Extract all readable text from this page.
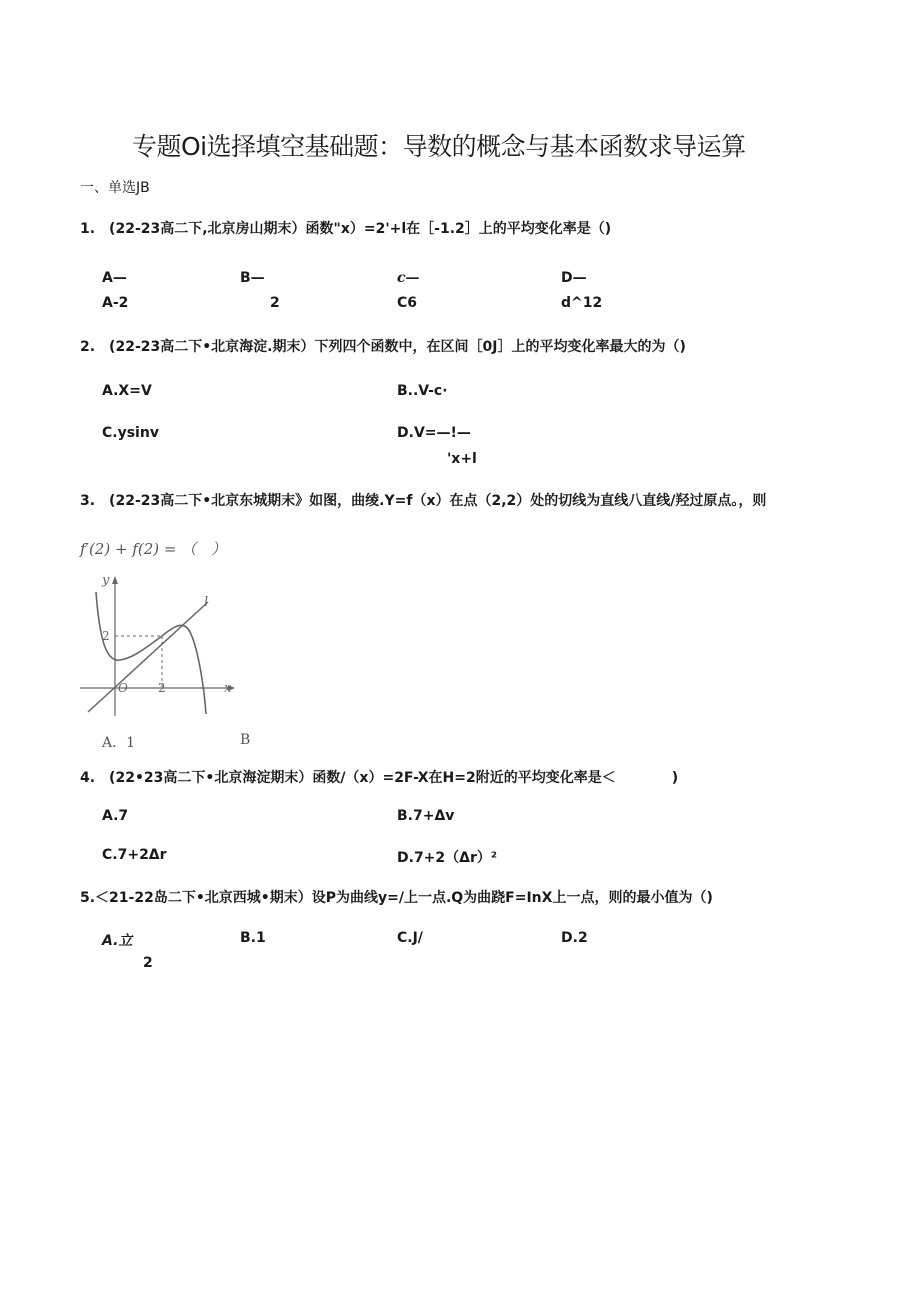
专题Oi选择填空基础题：导数的概念与基本函数求导运算
一、单选JB
1.　(22-23高二下,北京房山期末）函数"x）=2'+l在［-1.2］上的平均变化率是（)
A—	B—	c—	D—
A-2	2	C6	d^12
2.　(22-23高二下•北京海淀.期末）下列四个函数中，在区间［0J］上的平均变化率最大的为（)
A.X=V	B..V-c·
C.ysinv	D.V=—!—
'x+l
3.　(22-23高二下•北京东城期末》如图，曲绫.Y=f（x）在点（2,2）处的切线为直线八直线/羟过原点。，则
f′(2) + f(2) = （　）
y
l
2
O	2	x
A．1	B
4.　(22•23高二下•北京海淀期末）函数/（x）=2F-X在H=2附近的平均变化率是＜　　　　)
A.7	B.7+Δv
C.7+2Δr	D.7+2（Δr）²
5.＜21-22岛二下•北京西城•期末）设P为曲线y=/上一点.Q为曲跷F=InX上一点，则的最小值为（)
A.立
2
B.1	C.J/	D.2
